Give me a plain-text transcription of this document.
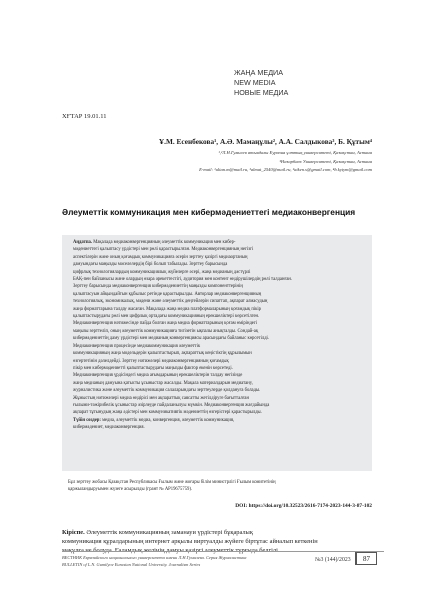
ЖАҢА МЕДИА
NEW MEDIA
НОВЫЕ МЕДИА
ХҒТАР 19.01.11
Ұ.М. Есенбекова¹, А.Ә. Мамаңұлы², А.А. Салдыкова³, Б. Құтым⁴
¹,²Л.Н.Гумилев атындағы Еуразия ұлттық университеті, Қазақстан, Астана
³Назарбаев Университеті, Қазақстан, Астана
E-mail: ¹ultan.m@mail.ru, ²almat_2540@mail.ru, ³aiken.s@gmail.com, ⁴b.kytym@gmail.com
Әлеуметтік коммуникация мен кибермәдениеттегі медиаконвергенция
Аңдатпа. Мақалада медиаконвергенцияның әлеуметтік коммуникация мен кибер-
мәдениеттегі қалыптасу үрдістері мен рөлі қарастырылған. Медиаконвергенцияның негізгі
аспектілерін және оның қоғамдық коммуникацияға әсерін зерттеу қазіргі медиаортаның
дамуындағы маңызды мәселелердің бірі болып табылады. Зерттеу барысында
цифрлық технологиялардың коммуникациялық жүйелерге әсері, жаңа медианың дәстүрлі
БАҚ-пен байланысы және олардың өзара әрекеттестігі, аудитория мен контент өндірушілердің рөлі талданған.
Зерттеу барысында медиаконвергенция кибермәдениеттің маңызды компоненттерінің
қалыптасуын айқындайтын құбылыс ретінде қарастырылды. Авторлар медиаконвергенцияның
технологиялық, экономикалық, мәдени және әлеуметтік деңгейлерін сипаттап, ақпарат алмасудың
жаңа форматтарына талдау жасаған. Мақалада жаңа медиа платформаларының қоғамдық пікір
қалыптастырудағы рөлі мен цифрлық ортадағы коммуникацияның ерекшеліктері көрсетілген.
Медиаконвергенция нәтижесінде пайда болған жаңа медиа форматтарының қоғам өміріндегі
маңызы зерттеліп, оның әлеуметтік коммуникацияға тигізетін ықпалы анықталды. Сондай-ақ
кибермәдениеттің даму үрдістері мен медианың конвергенциясы арасындағы байланыс көрсетілді.
Медиаконвергенция процесінде медиакоммуникация әлеуметтік
коммуникацияның жаңа модельдерін қалыптастырып, ақпараттық кеңістіктің құрылымын
өзгертетінін дәлелдейді. Зерттеу нәтижелері медиаконвергенцияның қоғамдық
пікір мен кибермәдениетті қалыптастырудағы маңызды фактор екенін көрсетеді.
Медиаконвергенция үрдісіндегі медиа ағымдарының ерекшеліктерін талдау негізінде
жаңа медианың дамуына қатысты ұсыныстар жасалды. Мақала материалдарын медиатану,
журналистика және әлеуметтік коммуникация салаларындағы зерттеулерде қолдануға болады.
Жұмыстың нәтижелері медиа өндірісі мен ақпараттық саясатты жетілдіруге бағытталған
ғылыми-тәжірибелік ұсыныстар әзірлеуде пайдаланылуы мүмкін. Медиаконвергенция жағдайында
ақпарат тұтынудың жаңа әдістері мен коммуникативтік мәдениеттің өзгерістері қарастырылды.
Түйін сөздер: медиа, әлеуметтік медиа, конвергенция, әлеуметтік коммуникация,
кибермәдениет, медиаконвергенция.
Бұл зерттеу жобасы Қазақстан Республикасы Ғылым және жоғары білім министрлігі Ғылым комитетінің
қаржыландыруымен жүзеге асырылды (грант № AP19675759).
DOI: https://doi.org/10.32523/2616-7174-2023-144-3-87-102
Кіріспе. Әлеуметтік коммуникацияның заманауи үрдістері бұқаралық
коммуникация құралдарының интернет арқылы виртуалды жүйеге біртұтас айналып кеткенін
мақұлға не болуда. Ғаламдық желінің дамуы қазіргі әлеуметтік тұрғыда белгілі.
ВЕСТНИК Евразийского национального университета имени Л.Н.Гумилева. Серия Журналистика
BULLETIN of L.N. Gumilyov Eurasian National University. Journalism Series
№3 (144)/2023	87
